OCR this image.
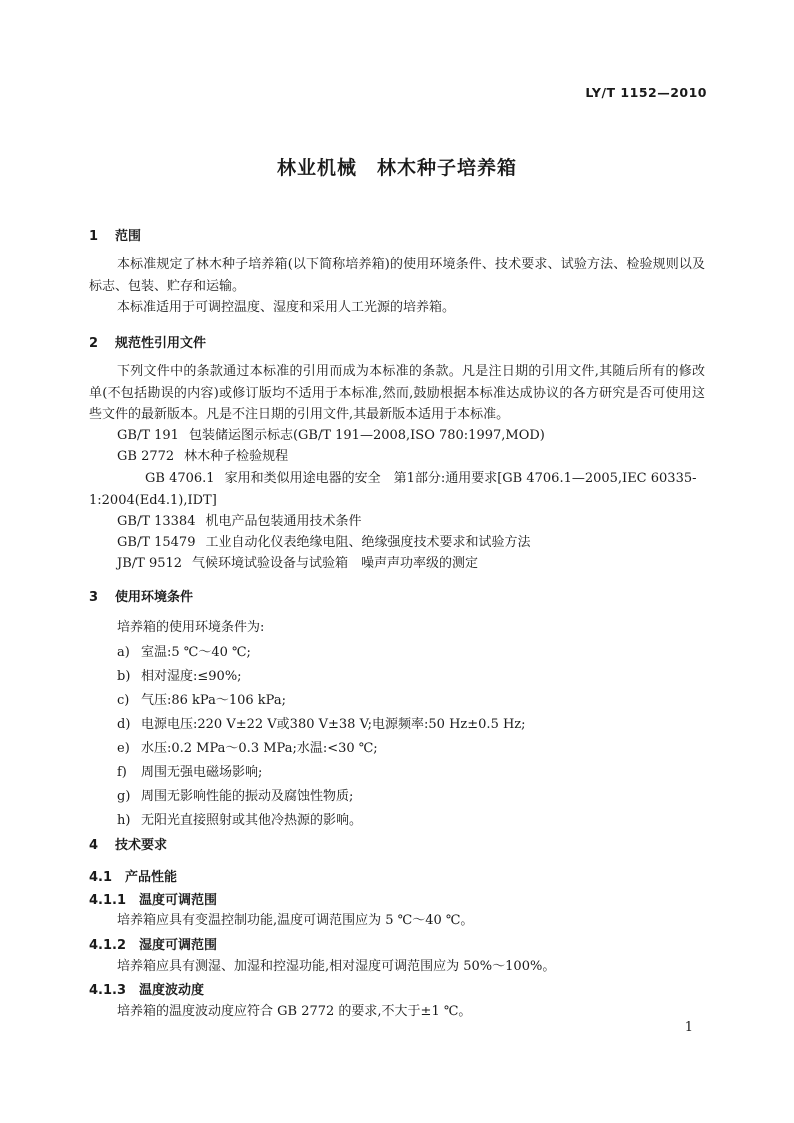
LY/T 1152—2010
林业机械　林木种子培养箱
1 范围
本标准规定了林木种子培养箱(以下简称培养箱)的使用环境条件、技术要求、试验方法、检验规则以及标志、包装、贮存和运输。
本标准适用于可调控温度、湿度和采用人工光源的培养箱。
2 规范性引用文件
下列文件中的条款通过本标准的引用而成为本标准的条款。凡是注日期的引用文件,其随后所有的修改单(不包括勘误的内容)或修订版均不适用于本标准,然而,鼓励根据本标准达成协议的各方研究是否可使用这些文件的最新版本。凡是不注日期的引用文件,其最新版本适用于本标准。
GB/T 191 包装储运图示标志(GB/T 191—2008,ISO 780:1997,MOD)
GB 2772 林木种子检验规程
GB 4706.1 家用和类似用途电器的安全　第1部分:通用要求[GB 4706.1—2005,IEC 60335-1:2004(Ed4.1),IDT]
GB/T 13384 机电产品包装通用技术条件
GB/T 15479 工业自动化仪表绝缘电阻、绝缘强度技术要求和试验方法
JB/T 9512 气候环境试验设备与试验箱　噪声声功率级的测定
3 使用环境条件
培养箱的使用环境条件为:
a) 室温:5 ℃～40 ℃;
b) 相对湿度:≤90%;
c) 气压:86 kPa～106 kPa;
d) 电源电压:220 V±22 V或380 V±38 V;电源频率:50 Hz±0.5 Hz;
e) 水压:0.2 MPa～0.3 MPa;水温:<30 ℃;
f) 周围无强电磁场影响;
g) 周围无影响性能的振动及腐蚀性物质;
h) 无阳光直接照射或其他冷热源的影响。
4 技术要求
4.1 产品性能
4.1.1 温度可调范围
培养箱应具有变温控制功能,温度可调范围应为 5 ℃～40 ℃。
4.1.2 湿度可调范围
培养箱应具有测湿、加湿和控湿功能,相对湿度可调范围应为 50%～100%。
4.1.3 温度波动度
培养箱的温度波动度应符合 GB 2772 的要求,不大于±1 ℃。
1
